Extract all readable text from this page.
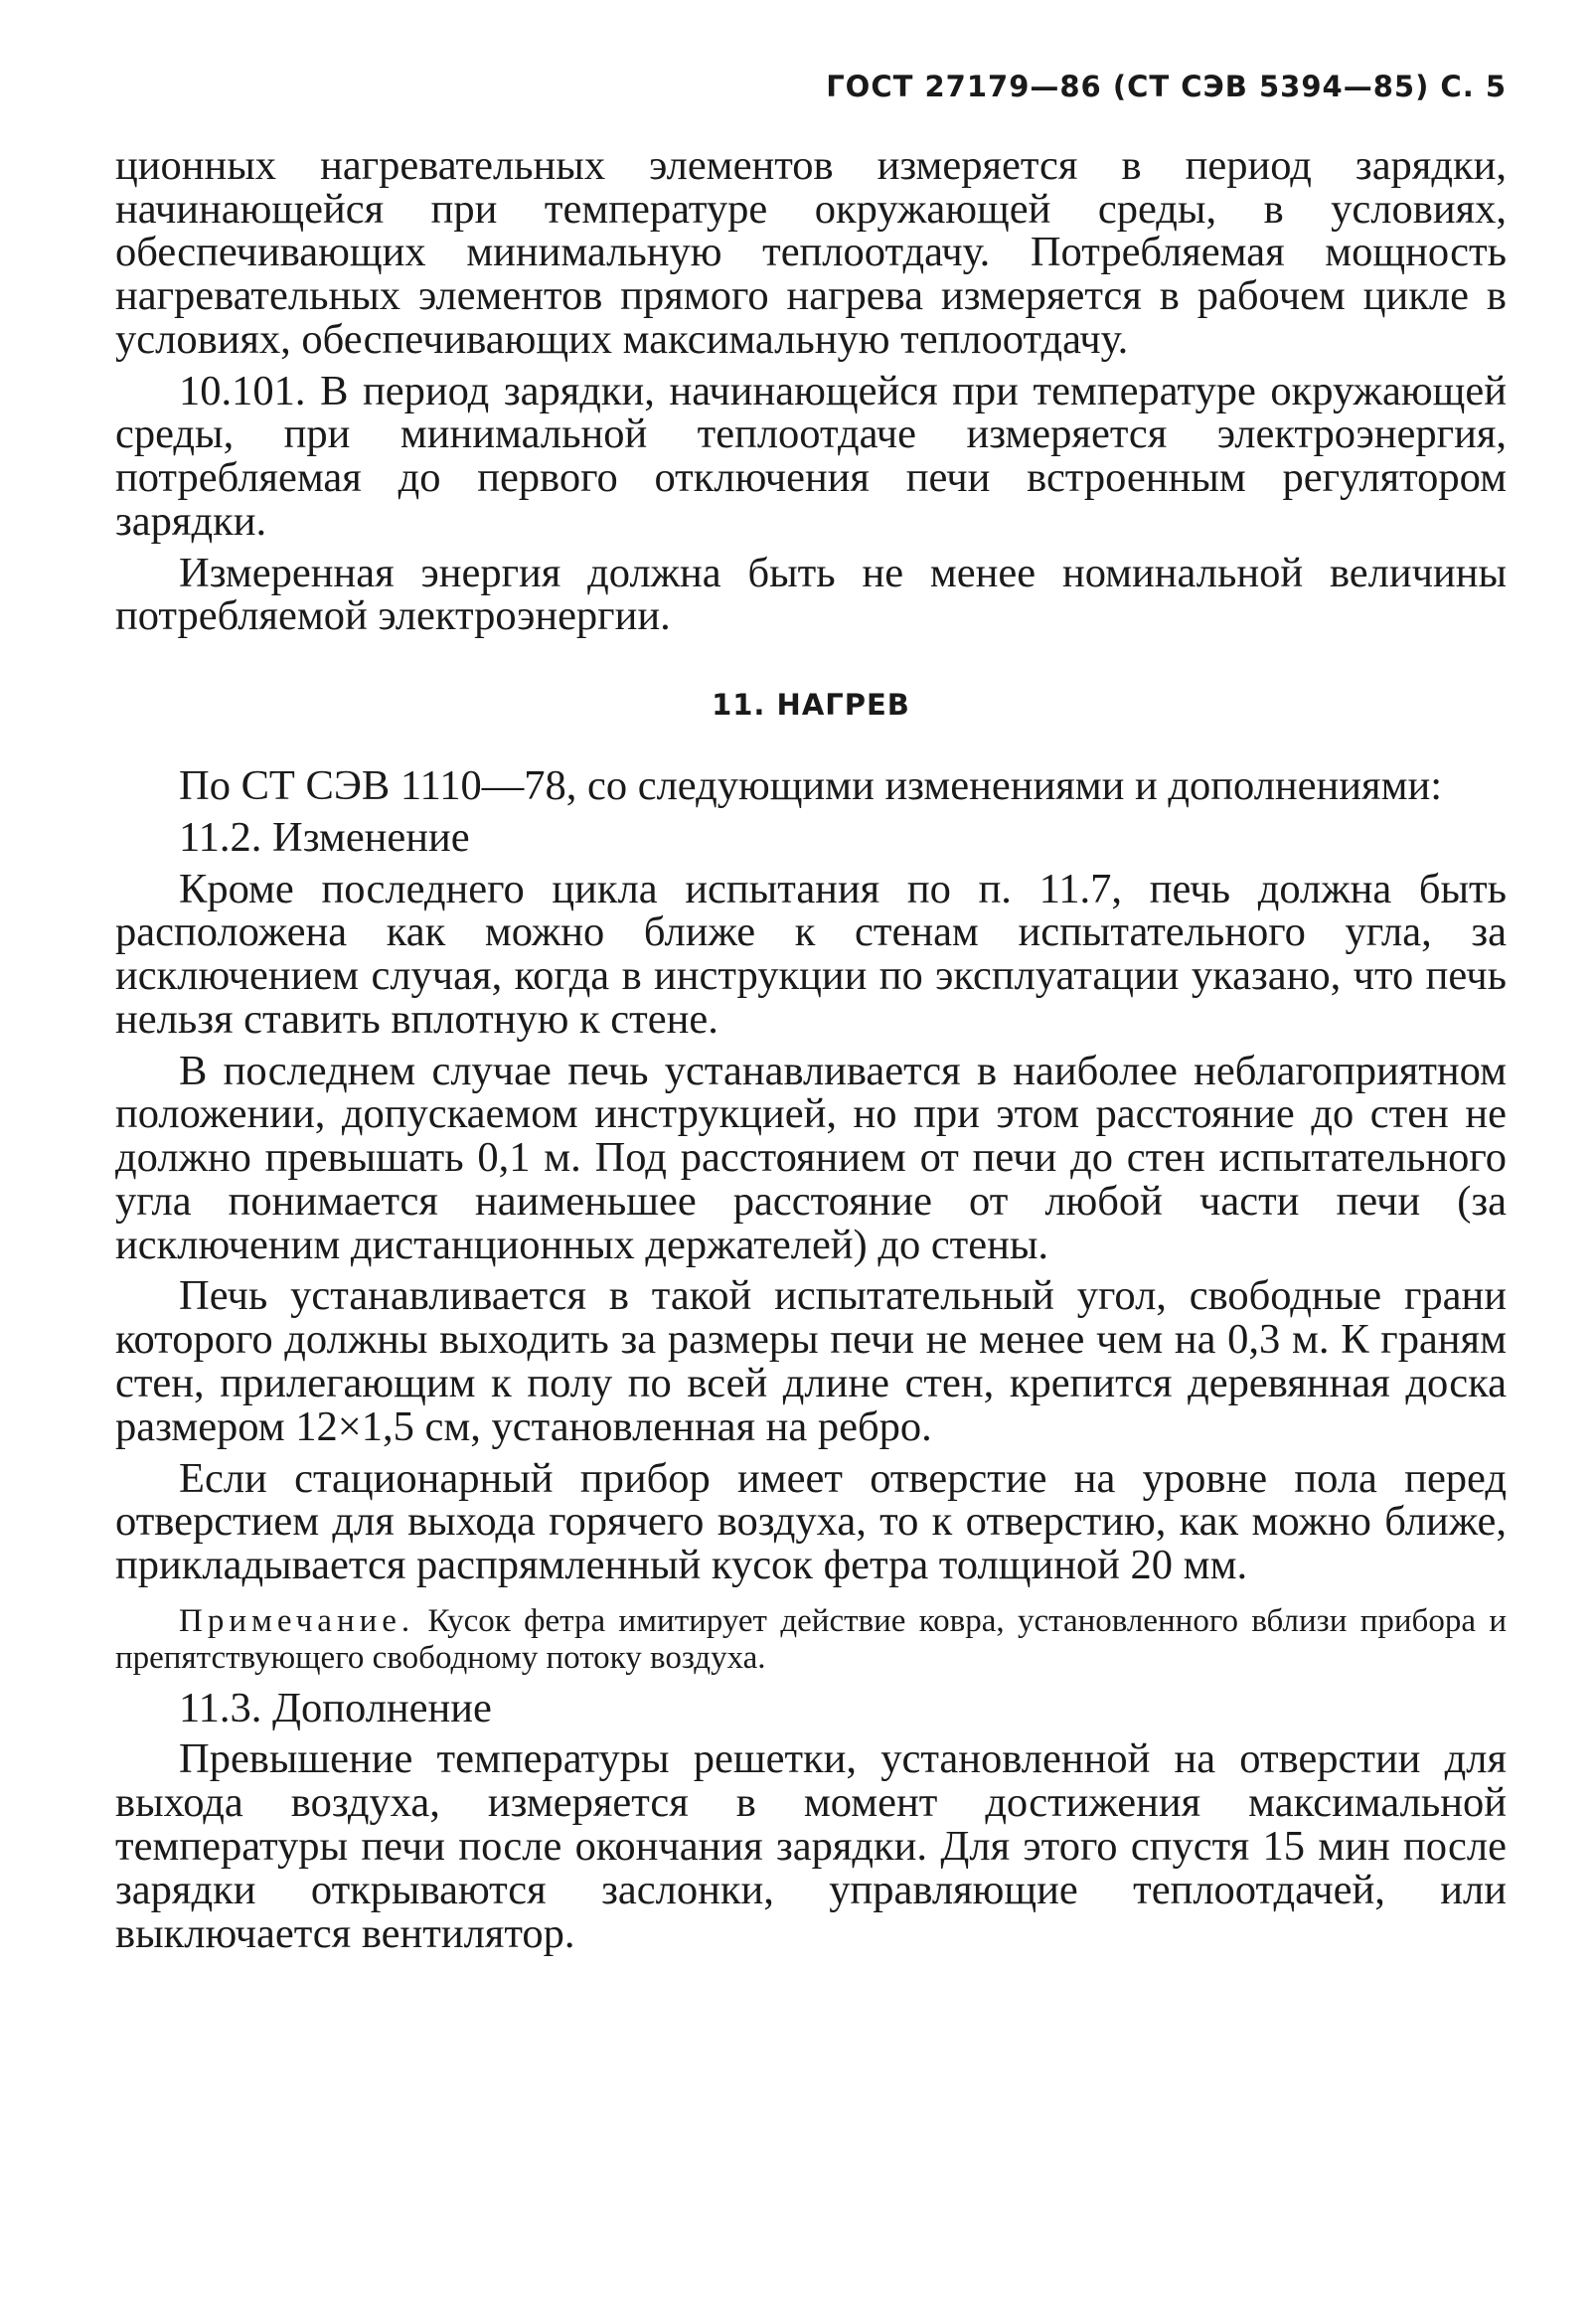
ГОСТ 27179—86 (СТ СЭВ 5394—85) С. 5

ционных нагревательных элементов измеряется в период зарядки, начинающейся при температуре окружающей среды, в условиях, обеспечивающих минимальную теплоотдачу. Потребляемая мощность нагревательных элементов прямого нагрева измеряется в рабочем цикле в условиях, обеспечивающих максимальную теплоотдачу.

10.101. В период зарядки, начинающейся при температуре окружающей среды, при минимальной теплоотдаче измеряется электроэнергия, потребляемая до первого отключения печи встроенным регулятором зарядки.

Измеренная энергия должна быть не менее номинальной величины потребляемой электроэнергии.

11. НАГРЕВ

По СТ СЭВ 1110—78, со следующими изменениями и дополнениями:

11.2. Изменение

Кроме последнего цикла испытания по п. 11.7, печь должна быть расположена как можно ближе к стенам испытательного угла, за исключением случая, когда в инструкции по эксплуатации указано, что печь нельзя ставить вплотную к стене.

В последнем случае печь устанавливается в наиболее неблагоприятном положении, допускаемом инструкцией, но при этом расстояние до стен не должно превышать 0,1 м. Под расстоянием от печи до стен испытательного угла понимается наименьшее расстояние от любой части печи (за исключеним дистанционных держателей) до стены.

Печь устанавливается в такой испытательный угол, свободные грани которого должны выходить за размеры печи не менее чем на 0,3 м. К граням стен, прилегающим к полу по всей длине стен, крепится деревянная доска размером 12×1,5 см, установленная на ребро.

Если стационарный прибор имеет отверстие на уровне пола перед отверстием для выхода горячего воздуха, то к отверстию, как можно ближе, прикладывается распрямленный кусок фетра толщиной 20 мм.

Примечание. Кусок фетра имитирует действие ковра, установленного вблизи прибора и препятствующего свободному потоку воздуха.

11.3. Дополнение

Превышение температуры решетки, установленной на отверстии для выхода воздуха, измеряется в момент достижения максимальной температуры печи после окончания зарядки. Для этого спустя 15 мин после зарядки открываются заслонки, управляющие теплоотдачей, или выключается вентилятор.
